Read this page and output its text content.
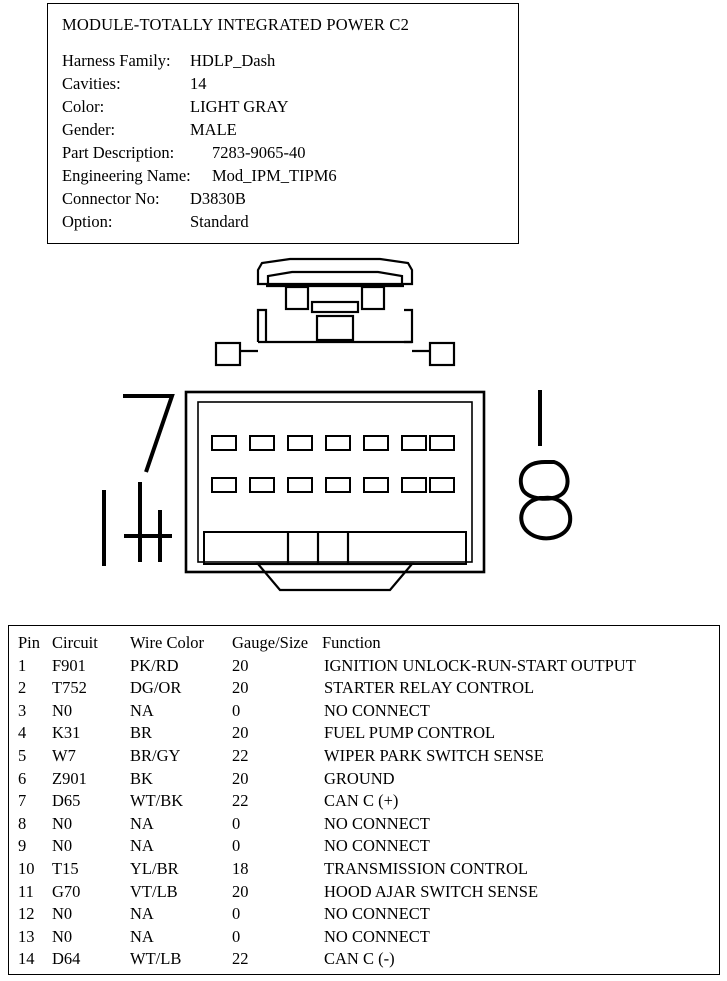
MODULE-TOTALLY INTEGRATED POWER C2
Harness Family: HDLP_Dash
Cavities:	14
Color:	LIGHT GRAY
Gender:	MALE
Part Description: 7283-9065-40
Engineering Name: Mod_IPM_TIPM6
Connector No: D3830B
Option:	Standard
Pin	Circuit	Wire Color	Gauge/Size	Function
1	F901	PK/RD	20	IGNITION UNLOCK-RUN-START OUTPUT
2	T752	DG/OR	20	STARTER RELAY CONTROL
3	N0	NA	0	NO CONNECT
4	K31	BR	20	FUEL PUMP CONTROL
5	W7	BR/GY	22	WIPER PARK SWITCH SENSE
6	Z901	BK	20	GROUND
7	D65	WT/BK	22	CAN C (+)
8	N0	NA	0	NO CONNECT
9	N0	NA	0	NO CONNECT
10	T15	YL/BR	18	TRANSMISSION CONTROL
11	G70	VT/LB	20	HOOD AJAR SWITCH SENSE
12	N0	NA	0	NO CONNECT
13	N0	NA	0	NO CONNECT
14	D64	WT/LB	22	CAN C (-)
